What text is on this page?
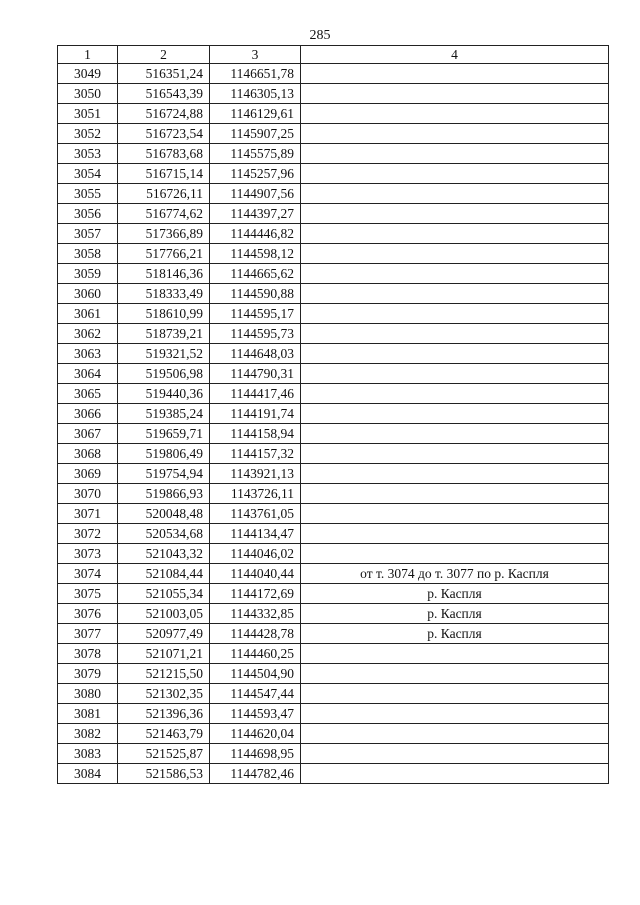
285
1	2	3	4
3049	516351,24	1146651,78	
3050	516543,39	1146305,13	
3051	516724,88	1146129,61	
3052	516723,54	1145907,25	
3053	516783,68	1145575,89	
3054	516715,14	1145257,96	
3055	516726,11	1144907,56	
3056	516774,62	1144397,27	
3057	517366,89	1144446,82	
3058	517766,21	1144598,12	
3059	518146,36	1144665,62	
3060	518333,49	1144590,88	
3061	518610,99	1144595,17	
3062	518739,21	1144595,73	
3063	519321,52	1144648,03	
3064	519506,98	1144790,31	
3065	519440,36	1144417,46	
3066	519385,24	1144191,74	
3067	519659,71	1144158,94	
3068	519806,49	1144157,32	
3069	519754,94	1143921,13	
3070	519866,93	1143726,11	
3071	520048,48	1143761,05	
3072	520534,68	1144134,47	
3073	521043,32	1144046,02	
3074	521084,44	1144040,44	от т. 3074 до т. 3077 по р. Каспля
3075	521055,34	1144172,69	р. Каспля
3076	521003,05	1144332,85	р. Каспля
3077	520977,49	1144428,78	р. Каспля
3078	521071,21	1144460,25	
3079	521215,50	1144504,90	
3080	521302,35	1144547,44	
3081	521396,36	1144593,47	
3082	521463,79	1144620,04	
3083	521525,87	1144698,95	
3084	521586,53	1144782,46	
